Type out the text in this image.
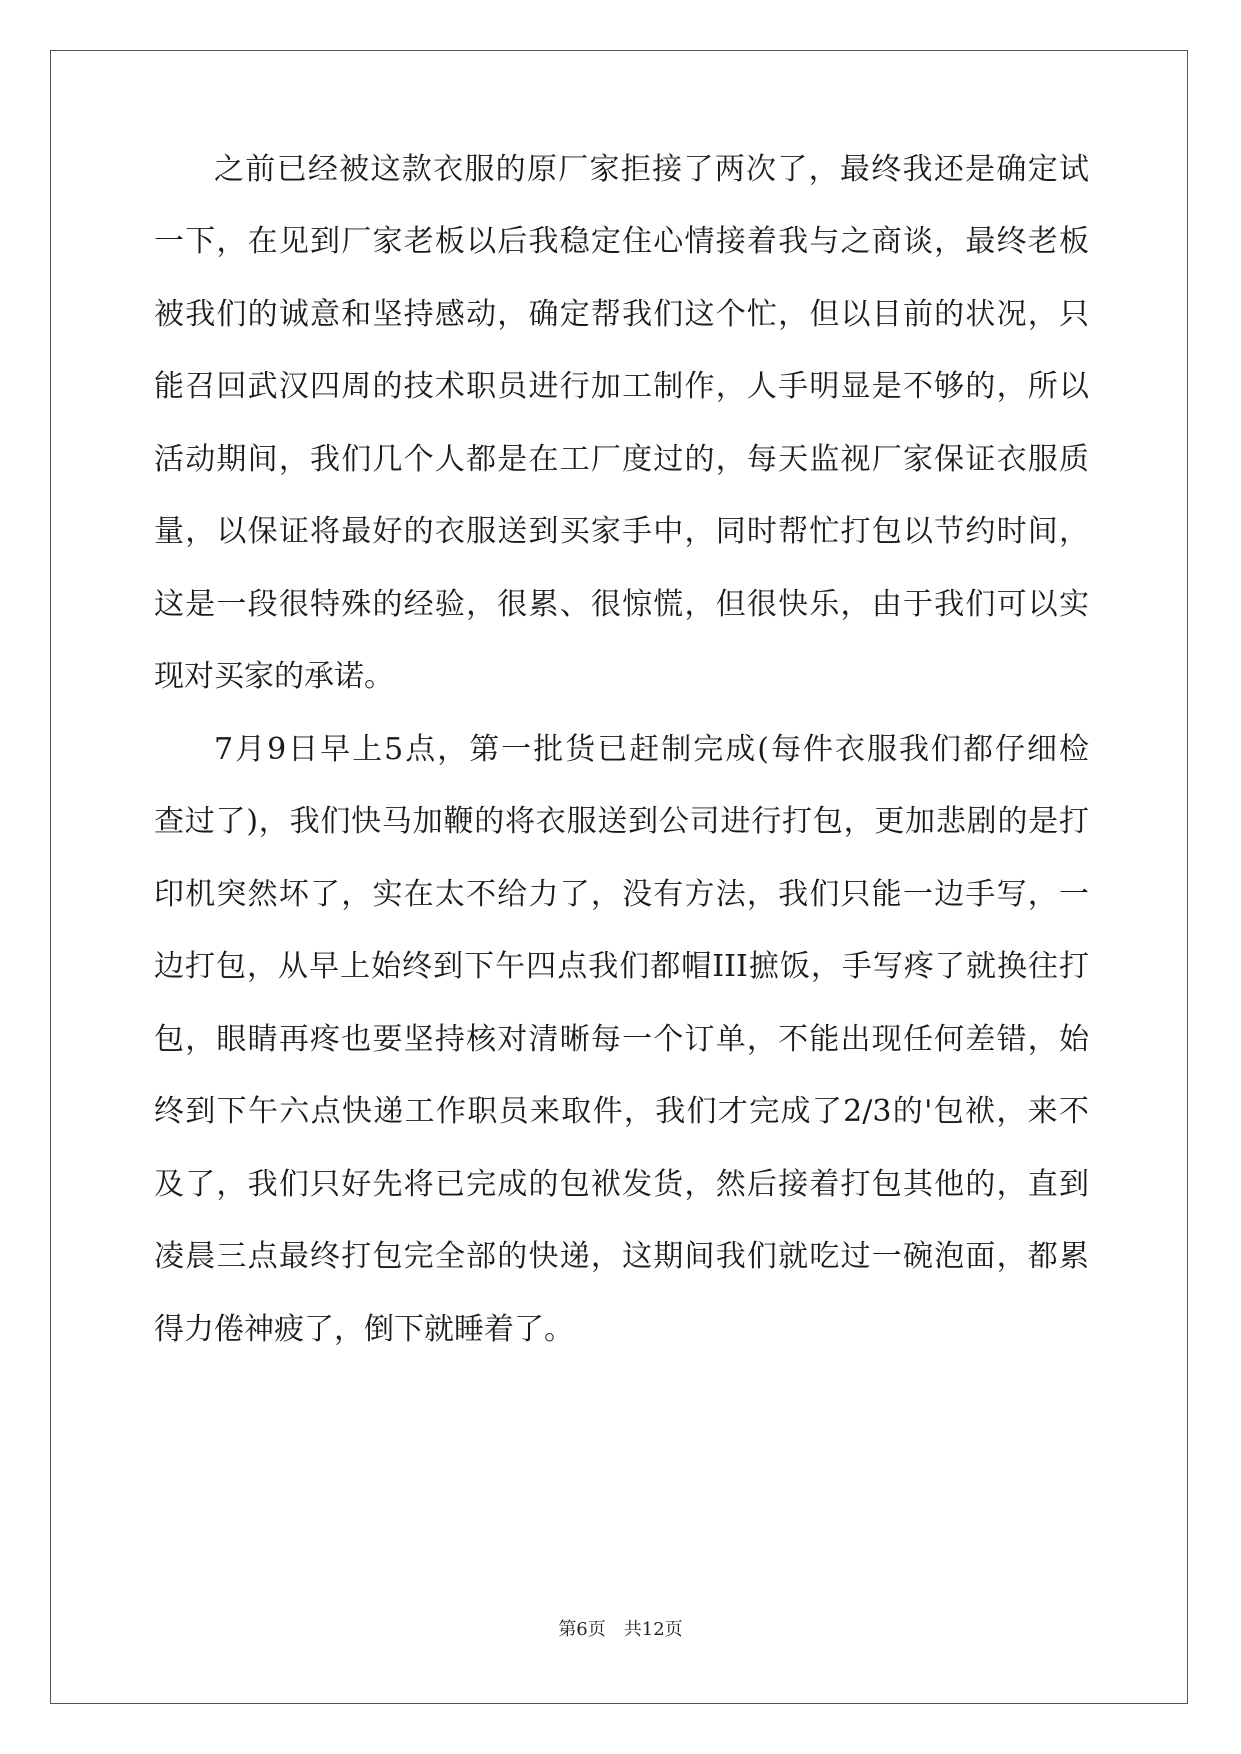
之前已经被这款衣服的原厂家拒接了两次了，最终我还是确定试
一下，在见到厂家老板以后我稳定住心情接着我与之商谈，最终老板
被我们的诚意和坚持感动，确定帮我们这个忙，但以目前的状况，只
能召回武汉四周的技术职员进行加工制作，人手明显是不够的，所以
活动期间，我们几个人都是在工厂度过的，每天监视厂家保证衣服质
量，以保证将最好的衣服送到买家手中，同时帮忙打包以节约时间，
这是一段很特殊的经验，很累、很惊慌，但很快乐，由于我们可以实
现对买家的承诺。
7月9日早上5点，第一批货已赶制完成(每件衣服我们都仔细检
查过了)，我们快马加鞭的将衣服送到公司进行打包，更加悲剧的是打
印机突然坏了，实在太不给力了，没有方法，我们只能一边手写，一
边打包，从早上始终到下午四点我们都帽III摭饭，手写疼了就换往打
包，眼睛再疼也要坚持核对清晰每一个订单，不能出现任何差错，始
终到下午六点快递工作职员来取件，我们才完成了2/3的'包袱，来不
及了，我们只好先将已完成的包袱发货，然后接着打包其他的，直到
凌晨三点最终打包完全部的快递，这期间我们就吃过一碗泡面，都累
得力倦神疲了，倒下就睡着了。
第6页　共12页
